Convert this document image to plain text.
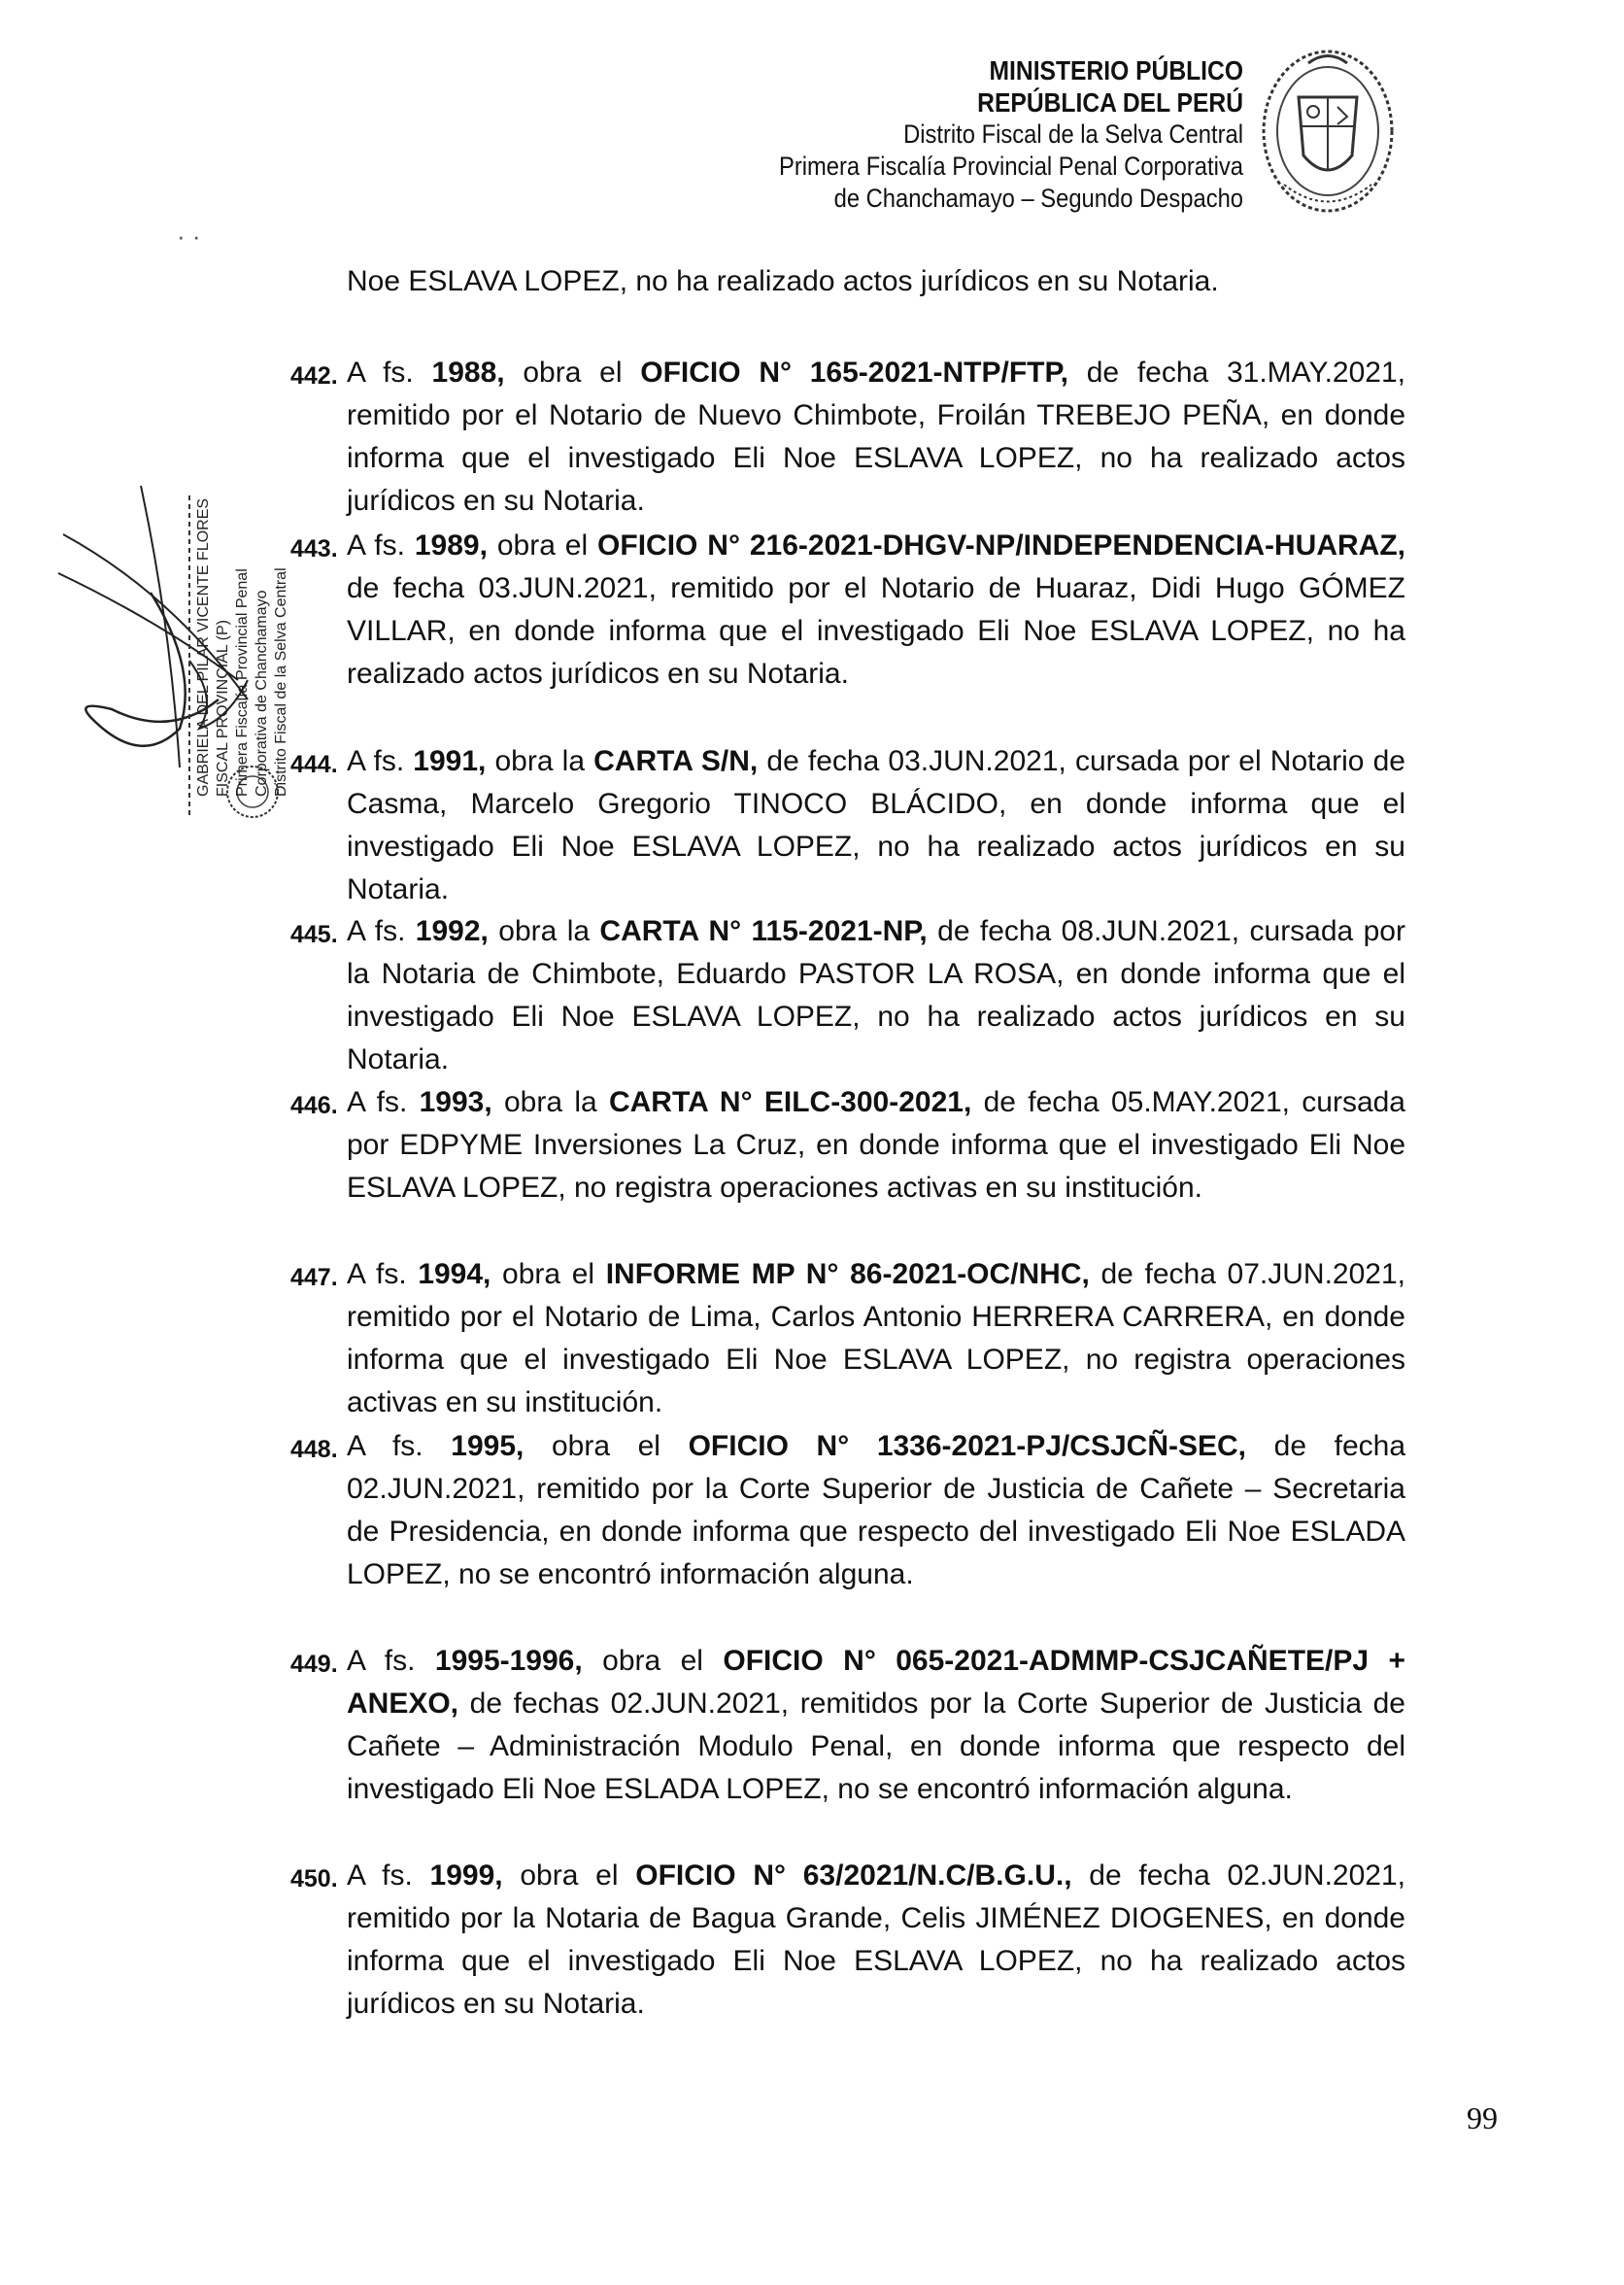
MINISTERIO PÚBLICO
REPÚBLICA DEL PERÚ
Distrito Fiscal de la Selva Central
Primera Fiscalía Provincial Penal Corporativa
de Chanchamayo – Segundo Despacho
· ·
Noe ESLAVA LOPEZ, no ha realizado actos jurídicos en su Notaria.
442. A fs. 1988, obra el OFICIO N° 165-2021-NTP/FTP, de fecha 31.MAY.2021, remitido por el Notario de Nuevo Chimbote, Froilán TREBEJO PEÑA, en donde informa que el investigado Eli Noe ESLAVA LOPEZ, no ha realizado actos jurídicos en su Notaria.
443. A fs. 1989, obra el OFICIO N° 216-2021-DHGV-NP/INDEPENDENCIA-HUARAZ, de fecha 03.JUN.2021, remitido por el Notario de Huaraz, Didi Hugo GÓMEZ VILLAR, en donde informa que el investigado Eli Noe ESLAVA LOPEZ, no ha realizado actos jurídicos en su Notaria.
444. A fs. 1991, obra la CARTA S/N, de fecha 03.JUN.2021, cursada por el Notario de Casma, Marcelo Gregorio TINOCO BLÁCIDO, en donde informa que el investigado Eli Noe ESLAVA LOPEZ, no ha realizado actos jurídicos en su Notaria.
445. A fs. 1992, obra la CARTA N° 115-2021-NP, de fecha 08.JUN.2021, cursada por la Notaria de Chimbote, Eduardo PASTOR LA ROSA, en donde informa que el investigado Eli Noe ESLAVA LOPEZ, no ha realizado actos jurídicos en su Notaria.
446. A fs. 1993, obra la CARTA N° EILC-300-2021, de fecha 05.MAY.2021, cursada por EDPYME Inversiones La Cruz, en donde informa que el investigado Eli Noe ESLAVA LOPEZ, no registra operaciones activas en su institución.
447. A fs. 1994, obra el INFORME MP N° 86-2021-OC/NHC, de fecha 07.JUN.2021, remitido por el Notario de Lima, Carlos Antonio HERRERA CARRERA, en donde informa que el investigado Eli Noe ESLAVA LOPEZ, no registra operaciones activas en su institución.
448. A fs. 1995, obra el OFICIO N° 1336-2021-PJ/CSJCÑ-SEC, de fecha 02.JUN.2021, remitido por la Corte Superior de Justicia de Cañete – Secretaria de Presidencia, en donde informa que respecto del investigado Eli Noe ESLADA LOPEZ, no se encontró información alguna.
449. A fs. 1995-1996, obra el OFICIO N° 065-2021-ADMMP-CSJCAÑETE/PJ + ANEXO, de fechas 02.JUN.2021, remitidos por la Corte Superior de Justicia de Cañete – Administración Modulo Penal, en donde informa que respecto del investigado Eli Noe ESLADA LOPEZ, no se encontró información alguna.
450. A fs. 1999, obra el OFICIO N° 63/2021/N.C/B.G.U., de fecha 02.JUN.2021, remitido por la Notaria de Bagua Grande, Celis JIMÉNEZ DIOGENES, en donde informa que el investigado Eli Noe ESLAVA LOPEZ, no ha realizado actos jurídicos en su Notaria.
GABRIELA DEL PILAR VICENTE FLORES FISCAL PROVINCIAL (P) Primera Fiscalía Provincial Penal Corporativa de Chanchamayo Distrito Fiscal de la Selva Central
99
